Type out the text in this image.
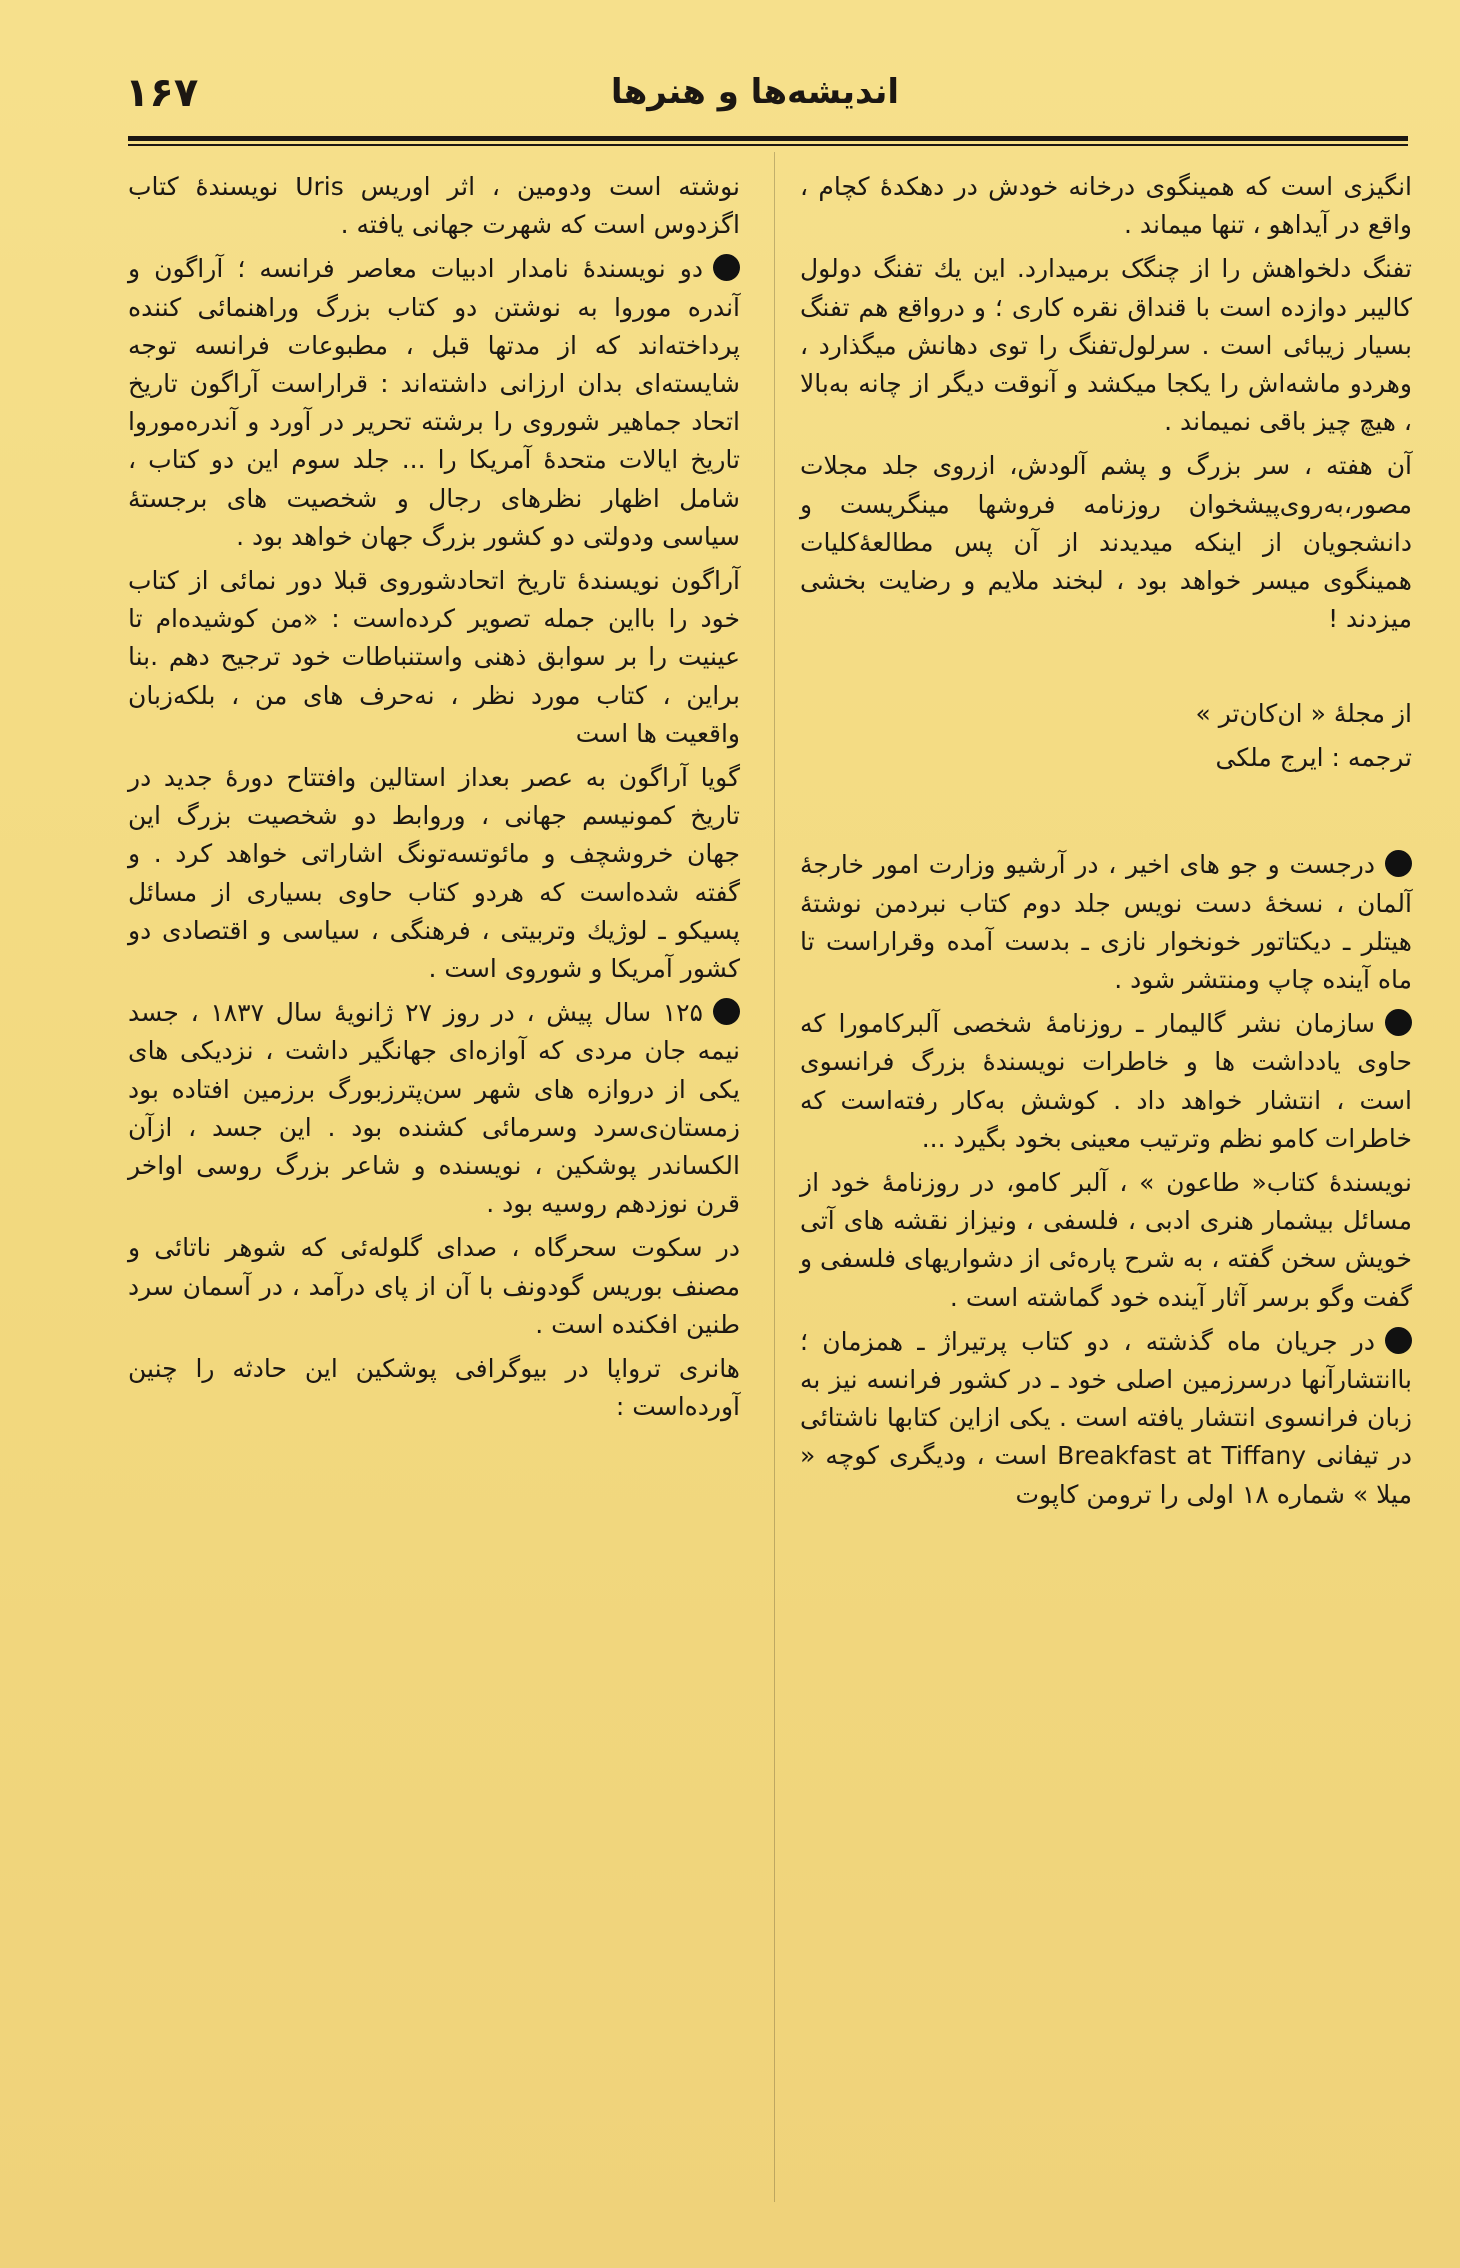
۱۶۷	اندیشه‌ها و هنرها

انگیزی است که همینگوی درخانه خودش در دهکدهٔ کچام ، واقع در آیداهو ، تنها میماند .

تفنگ دلخواهش را از چنگک برمیدارد. این یك تفنگ دولول کالیبر دوازده است با قنداق نقره کاری ؛ و درواقع هم تفنگ بسیار زیبائی است . سرلول‌تفنگ را توی دهانش میگذارد ، وهردو ماشه‌اش را یکجا میکشد و آنوقت دیگر از چانه به‌بالا ، هیچ چیز باقی نمیماند .

آن هفته ، سر بزرگ و پشم آلودش، ازروی جلد مجلات مصور،به‌روی‌پیشخوان روزنامه فروشها مینگریست و دانشجویان از اینکه میدیدند از آن پس مطالعهٔ‌کلیات همینگوی میسر خواهد بود ، لبخند ملایم و رضایت بخشی میزدند !

از مجلهٔ « ان‌کان‌تر »

ترجمه : ایرج ملکی

درجست و جو های اخیر ، در آرشیو وزارت امور خارجهٔ آلمان ، نسخهٔ دست نویس جلد دوم کتاب نبردمن نوشتهٔ هیتلر ـ دیکتاتور خونخوار نازی ـ بدست آمده وقراراست تا ماه آینده چاپ ومنتشر شود .

سازمان نشر گالیمار ـ روزنامهٔ شخصی آلبرکامورا که حاوی یادداشت ها و خاطرات نویسندهٔ بزرگ فرانسوی است ، انتشار خواهد داد . کوشش به‌کار رفته‌است که خاطرات کامو نظم وترتیب معینی بخود بگیرد ...

نویسندهٔ کتاب« طاعون » ، آلبر کامو، در روزنامهٔ خود از مسائل بیشمار هنری ادبی ، فلسفی ، ونیزاز نقشه های آتی خویش سخن گفته ، به شرح پاره‌ئی از دشواریهای فلسفی و گفت وگو برسر آثار آینده خود گماشته است .

در جریان ماه گذشته ، دو کتاب پرتیراژ ـ همزمان ؛ باانتشارآنها درسرزمین اصلی خود ـ در کشور فرانسه نیز به زبان فرانسوی انتشار یافته است . یکی ازاین کتابها ناشتائی در تیفانی Breakfast at Tiffany است ، ودیگری کوچه « میلا » شماره ۱۸ اولی را ترومن کاپوت

نوشته است ودومین ، اثر اوریس Uris نویسندهٔ کتاب اگزدوس است که شهرت جهانی یافته .

دو نویسندهٔ نامدار ادبیات معاصر فرانسه ؛ آراگون و آندره موروا به نوشتن دو کتاب بزرگ وراهنمائی کننده پرداخته‌اند که از مدتها قبل ، مطبوعات فرانسه توجه شایسته‌ای بدان ارزانی داشته‌اند : قراراست آراگون تاریخ اتحاد جماهیر شوروی را برشته تحریر در آورد و آندره‌موروا تاریخ ایالات متحدهٔ آمریکا را ... جلد سوم این دو کتاب ، شامل اظهار نظرهای رجال و شخصیت های برجستهٔ سیاسی ودولتی دو کشور بزرگ جهان خواهد بود .

آراگون نویسندهٔ تاریخ اتحادشوروی قبلا دور نمائی از کتاب خود را بااین جمله تصویر کرده‌است : «من کوشیده‌ام تا عینیت را بر سوابق ذهنی واستنباطات خود ترجیح دهم .بنا براین ، کتاب مورد نظر ، نه‌حرف های من ، بلکه‌زبان واقعیت ها است

گویا آراگون به عصر بعداز استالین وافتتاح دورهٔ جدید در تاریخ کمونیسم جهانی ، وروابط دو شخصیت بزرگ این جهان خروشچف و مائوتسه‌تونگ اشاراتی خواهد کرد . و گفته شده‌است که هردو کتاب حاوی بسیاری از مسائل پسیکو ـ لوژیك وتربیتی ، فرهنگی ، سیاسی و اقتصادی دو کشور آمریکا و شوروی است .

۱۲۵ سال پیش ، در روز ۲۷ ژانویهٔ سال ۱۸۳۷ ، جسد نیمه جان مردی که آوازه‌ای جهانگیر داشت ، نزدیکی های یکی از دروازه های شهر سن‌پترزبورگ برزمین افتاده بود زمستان‌ی‌سرد وسرمائی کشنده بود . این جسد ، ازآن الکساندر پوشکین ، نویسنده و شاعر بزرگ روسی اواخر قرن نوزدهم روسیه بود .

در سکوت سحرگاه ، صدای گلوله‌ئی که شوهر ناتائی و مصنف بوریس گودونف با آن از پای درآمد ، در آسمان سرد طنین افکنده است .

هانری ترواپا در بیوگرافی پوشکین این حادثه را چنین آورده‌است :
